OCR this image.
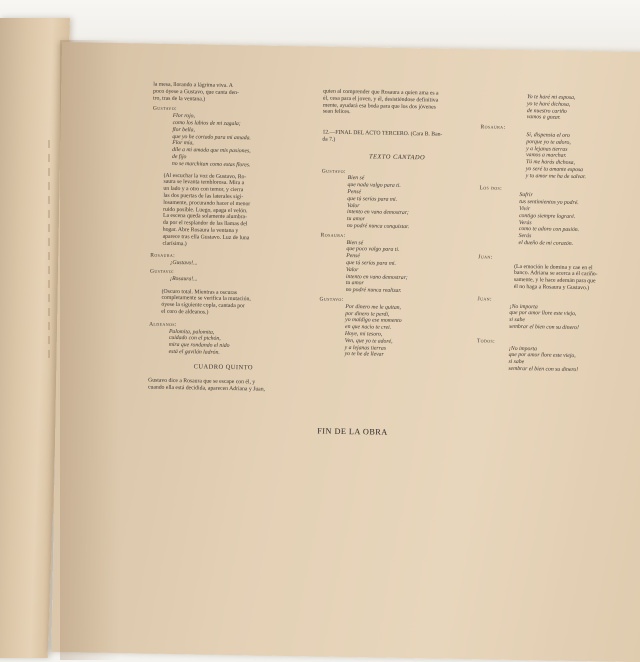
la mesa, llorando a lágrima viva. A
poco óyese a Gustavo, que canta den-
tro, tras de la ventana.)
Gustavo:
Flor rojo,
como los labios de mi zagala;
flor bella,
que yo he cortado para mi amada.
Flor mía,
dile a mi amada que mis pasiones,
de fijo
no se marchitan como estas flores.
(Al escuchar la voz de Gustavo, Ro-
saura se levanta temblorosa. Mira a
un lado y a otro con temor, y cierra
las dos puertas de las laterales sigi-
losamente, procurando hacer el menor
ruido posible. Luego, apaga el velón.
La escena queda solamente alumbra-
da por el resplandor de las llamas del
hogar. Abre Rosaura la ventana y
aparece tras ella Gustavo. Luz de luna
clarísima.)
Rosaura:
¡Gustavo!...
Gustavo:
¡Rosaura!...
(Oscuro total. Mientras a oscuras
completamente se verifica la mutación,
óyese la siguiente copla, cantada por
el coro de aldeanos.)
Aldeanos:
Palomita, palomita,
cuidado con el pichón,
mira que rondando el nido
está el gavilán ladrón.
CUADRO QUINTO
Gustavo dice a Rosaura que se escape con él, y
cuando ella está decidida, aparecen Adriana y Juan,
quien al comprender que Rosaura a quien ama es a
él, cesa para el joven, y él, desistiéndose definitiva
mente, ayudará esa boda para que los dos jóvenes
sean felices.
12.—FINAL DEL ACTO TERCERO. (Cara B. Ban-
da 7.)
TEXTO CANTADO
Gustavo:
Bien sé
que nada valgo para ti.
Pensé
que tú serías para mí.
Valor
intento en vano demostrar;
tu amor
no podré nunca conquistar.
Rosaura:
Bien sé
que poco valgo para ti.
Pensé
que tú serías para mí.
Valor
intento en vano demostrar;
tu amor
no podré nunca realizar.
Gustavo:
Por dinero me le quitan,
por dinero te perdí,
yo maldigo ese momento
en que nacio te crei.
Hoye, mi tesoro,
Ven, que yo te adoré,
y a lejanas tierras
yo te he de llevar
Yo te haré mi esposa,
yo te haré dichosa,
de nuestro cariño
vamos a gozar.
Rosaura:
Sí, dispensia el oro
porque yo te adoro,
y a lejanas tierras
vamos a marchar.
Tú me harás dichosa,
yo seré tu amante esposa
y tu amor me ha de salvar.
Los dos:
Sufrir
tus sentimientos yo podré.
Vivir
contigo siempre lograré.
Verás
como te adoro con pasión.
Serás
el dueño de mi corazón.
Juan:
(La emoción le domina y cae en el
banco. Adriana se acerca a él cariño-
samente, y le hace ademán para que
él no haga a Rosaura y Gustavo.)
Juan:
¡No importa
que por amor llore este viejo,
si sabe
sembrar el bien con su dinero!
Todos:
¡No importa
que por amor llore este viejo,
si sabe
sembrar el bien con su dinero!
FIN DE LA OBRA
